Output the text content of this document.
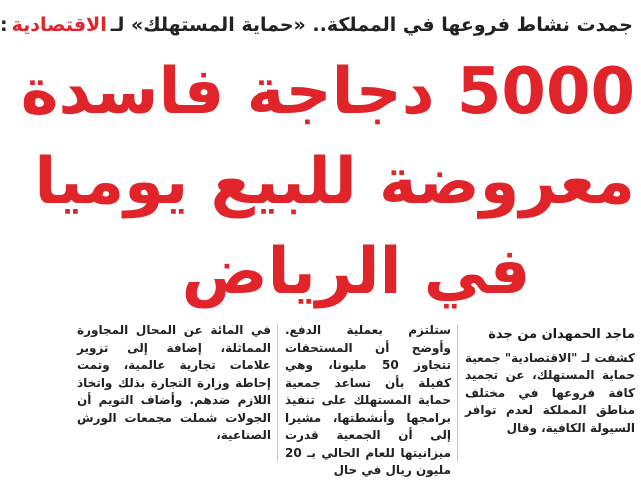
جمدت نشاط فروعها في المملكة.. «حماية المستهلك» لـ
الاقتصادية
:
5000 دجاجة فاسدة
معروضة للبيع يوميا
في الرياض
ماجد الحمهدان من جدة
كشفت لـ "الاقتصادية" جمعية حماية المستهلك، عن تجميد كافة فروعها في مختلف مناطق المملكة لعدم توافر السيولة الكافية، وقال
ستلتزم بعملية الدفع. وأوضح أن المستحقات تتجاوز 50 مليونا، وهي كفيلة بأن تساعد جمعية حماية المستهلك على تنفيذ برامجها وأنشطتها، مشيرا إلى أن الجمعية قدرت ميزانيتها للعام الحالي بـ 20 مليون ريال في حال
في المائة عن المحال المجاورة المماثلة، إضافة إلى تزوير علامات تجارية عالمية، وتمت إحاطة وزارة التجارة بذلك واتخاذ اللازم ضدهم. وأضاف التويم أن الجولات شملت مجمعات الورش الصناعية،
